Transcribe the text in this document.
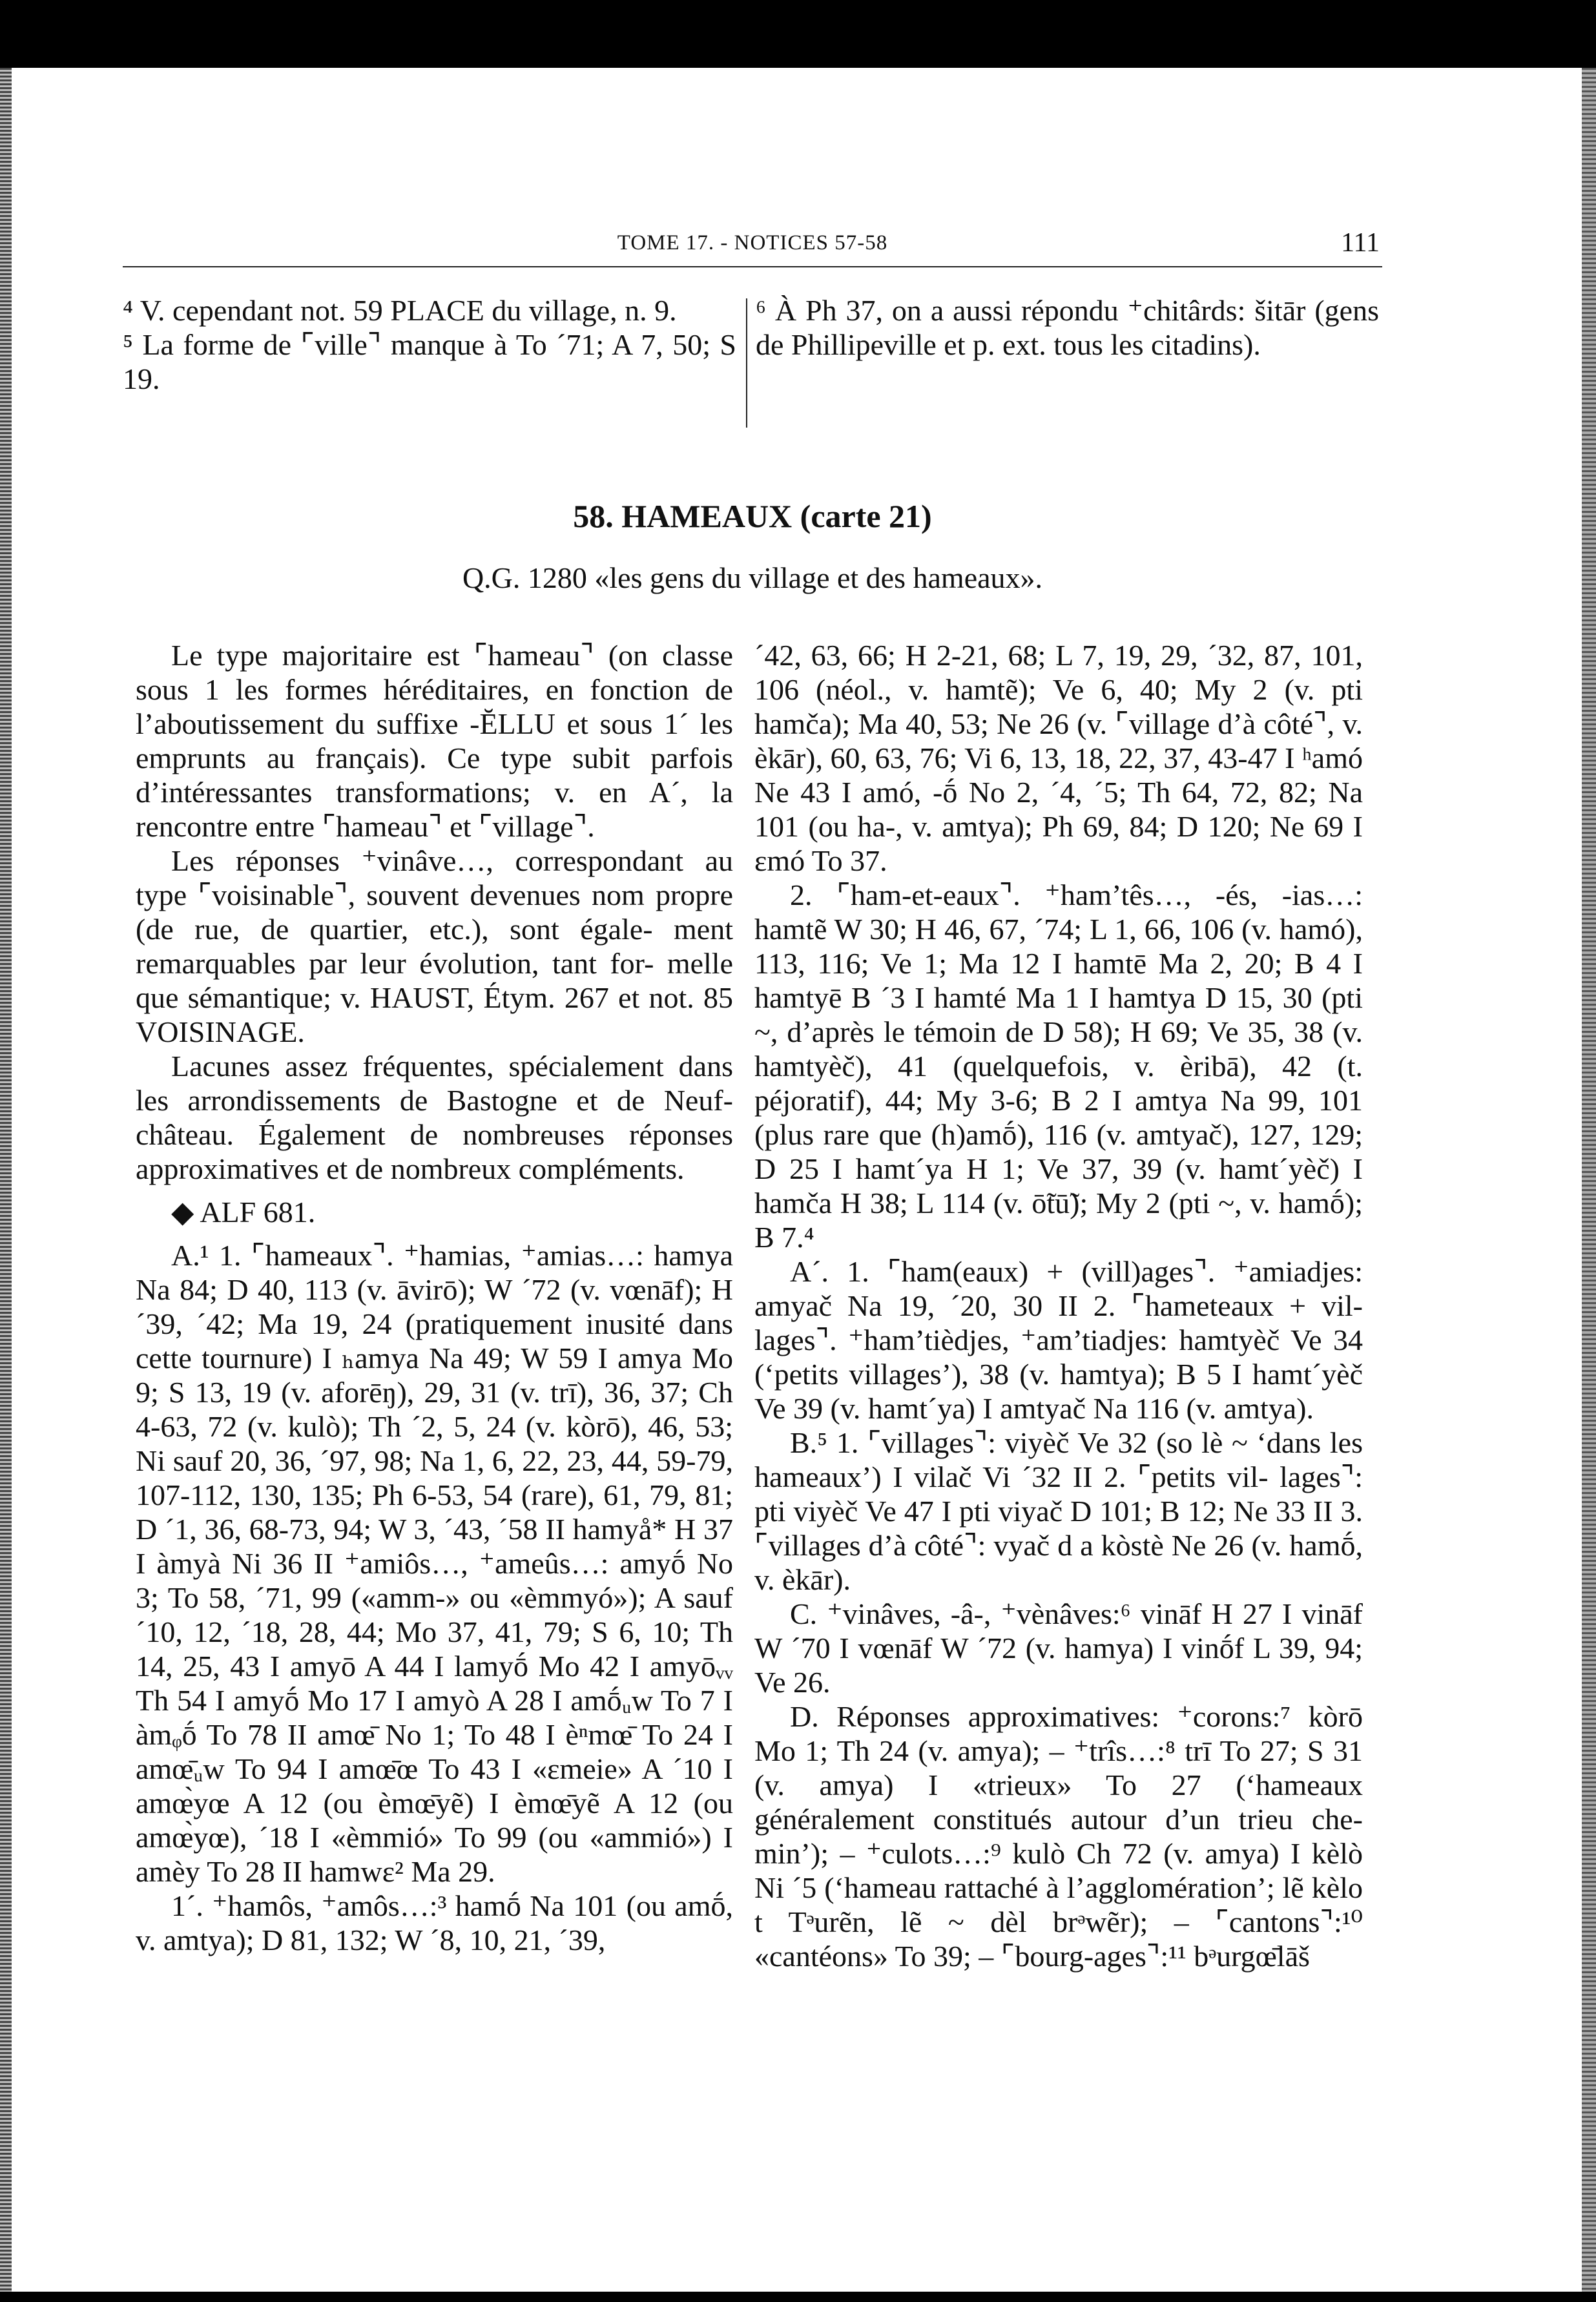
TOME 17. - NOTICES 57-58	111

⁴ V. cependant not. 59 PLACE du village, n. 9.

⁵ La forme de ⌜ville⌝ manque à To ´71; A 7, 50; S 19.

⁶ À Ph 37, on a aussi répondu ⁺chitârds: šitār (gens de Phillipeville et p. ext. tous les citadins).

58. HAMEAUX (carte 21)
Q.G. 1280 «les gens du village et des hameaux».

Le type majoritaire est ⌜hameau⌝ (on classe sous 1 les formes héréditaires, en fonction de l’aboutissement du suffixe -ĔLLU et sous 1´ les emprunts au français). Ce type subit parfois d’intéressantes transformations; v. en A´, la rencontre entre ⌜hameau⌝ et ⌜village⌝.

Les réponses ⁺vinâve…, correspondant au type ⌜voisinable⌝, souvent devenues nom propre (de rue, de quartier, etc.), sont égale- ment remarquables par leur évolution, tant for- melle que sémantique; v. HAUST, Étym. 267 et not. 85 VOISINAGE.

Lacunes assez fréquentes, spécialement dans les arrondissements de Bastogne et de Neuf- château. Également de nombreuses réponses approximatives et de nombreux compléments.

◆ ALF 681.

A.¹ 1. ⌜hameaux⌝. ⁺hamias, ⁺amias…: hamya Na 84; D 40, 113 (v. āvirō); W ´72 (v. vœnāf); H ´39, ´42; Ma 19, 24 (pratiquement inusité dans cette tournure) I ₕamya Na 49; W 59 I amya Mo 9; S 13, 19 (v. aforēŋ), 29, 31 (v. trī), 36, 37; Ch 4-63, 72 (v. kulò); Th ´2, 5, 24 (v. kòrō), 46, 53; Ni sauf 20, 36, ´97, 98; Na 1, 6, 22, 23, 44, 59-79, 107-112, 130, 135; Ph 6-53, 54 (rare), 61, 79, 81; D ´1, 36, 68-73, 94; W 3, ´43, ´58 II hamyå* H 37 I àmyà Ni 36 II ⁺amiôs…, ⁺ameûs…: amyṓ No 3; To 58, ´71, 99 («amm-» ou «èmmyó»); A sauf ´10, 12, ´18, 28, 44; Mo 37, 41, 79; S 6, 10; Th 14, 25, 43 I amyō A 44 I lamyṓ Mo 42 I amyōᵥᵥ Th 54 I amyṓ Mo 17 I amyò A 28 I amṓᵤw To 7 I àmᵩṓ To 78 II amœ̄ No 1; To 48 I èⁿmœ̄ To 24 I amœ̄ᵤw To 94 I amœ̄œ To 43 I «εmeie» A ´10 I amœ̀yœ A 12 (ou èmœ̄yẽ) I èmœ̄yẽ A 12 (ou amœ̀yœ), ´18 I «èmmió» To 99 (ou «ammió») I amèy To 28 II hamwε² Ma 29.

1´. ⁺hamôs, ⁺amôs…:³ hamṓ Na 101 (ou amṓ, v. amtya); D 81, 132; W ´8, 10, 21, ´39,

´42, 63, 66; H 2-21, 68; L 7, 19, 29, ´32, 87, 101, 106 (néol., v. hamtẽ); Ve 6, 40; My 2 (v. pti hamča); Ma 40, 53; Ne 26 (v. ⌜village d’à côté⌝, v. èkār), 60, 63, 76; Vi 6, 13, 18, 22, 37, 43-47 I ʰamó Ne 43 I amó, -ṓ No 2, ´4, ´5; Th 64, 72, 82; Na 101 (ou ha-, v. amtya); Ph 69, 84; D 120; Ne 69 I εmó To 37.

2. ⌜ham-et-eaux⌝. ⁺ham’tês…, -és, -ias…: hamtẽ W 30; H 46, 67, ´74; L 1, 66, 106 (v. hamó), 113, 116; Ve 1; Ma 12 I hamtē Ma 2, 20; B 4 I hamtyē B ´3 I hamté Ma 1 I hamtya D 15, 30 (pti ~, d’après le témoin de D 58); H 69; Ve 35, 38 (v. hamtyèč), 41 (quelquefois, v. èribā), 42 (t. péjoratif), 44; My 3-6; B 2 I amtya Na 99, 101 (plus rare que (h)amṓ), 116 (v. amtyač), 127, 129; D 25 I hamt´ya H 1; Ve 37, 39 (v. hamt´yèč) I hamča H 38; L 114 (v. ō̃tū̃); My 2 (pti ~, v. hamṓ); B 7.⁴

A´. 1. ⌜ham(eaux) + (vill)ages⌝. ⁺amiadjes: amyač Na 19, ´20, 30 II 2. ⌜hameteaux + vil- lages⌝. ⁺ham’tièdjes, ⁺am’tiadjes: hamtyèč Ve 34 (‘petits villages’), 38 (v. hamtya); B 5 I hamt´yèč Ve 39 (v. hamt´ya) I amtyač Na 116 (v. amtya).

B.⁵ 1. ⌜villages⌝: viyèč Ve 32 (so lè ~ ‘dans les hameaux’) I vilač Vi ´32 II 2. ⌜petits vil- lages⌝: pti viyèč Ve 47 I pti viyač D 101; B 12; Ne 33 II 3. ⌜villages d’à côté⌝: vyač d a kòstè Ne 26 (v. hamṓ, v. èkār).

C. ⁺vinâves, -â-, ⁺vènâves:⁶ vināf H 27 I vināf W ´70 I vœnāf W ´72 (v. hamya) I vinṓf L 39, 94; Ve 26.

D. Réponses approximatives: ⁺corons:⁷ kòrō Mo 1; Th 24 (v. amya); – ⁺trîs…:⁸ trī To 27; S 31 (v. amya) I «trieux» To 27 (‘hameaux généralement constitués autour d’un trieu che- min’); – ⁺culots…:⁹ kulò Ch 72 (v. amya) I kèlò Ni ´5 (‘hameau rattaché à l’agglomération’; lẽ kèlo t Tᵊurẽn, lẽ ~ dèl brᵊwẽr); – ⌜cantons⌝:¹⁰ «cantéons» To 39; – ⌜bourg-ages⌝:¹¹ bᵊurgœ̄lāš
